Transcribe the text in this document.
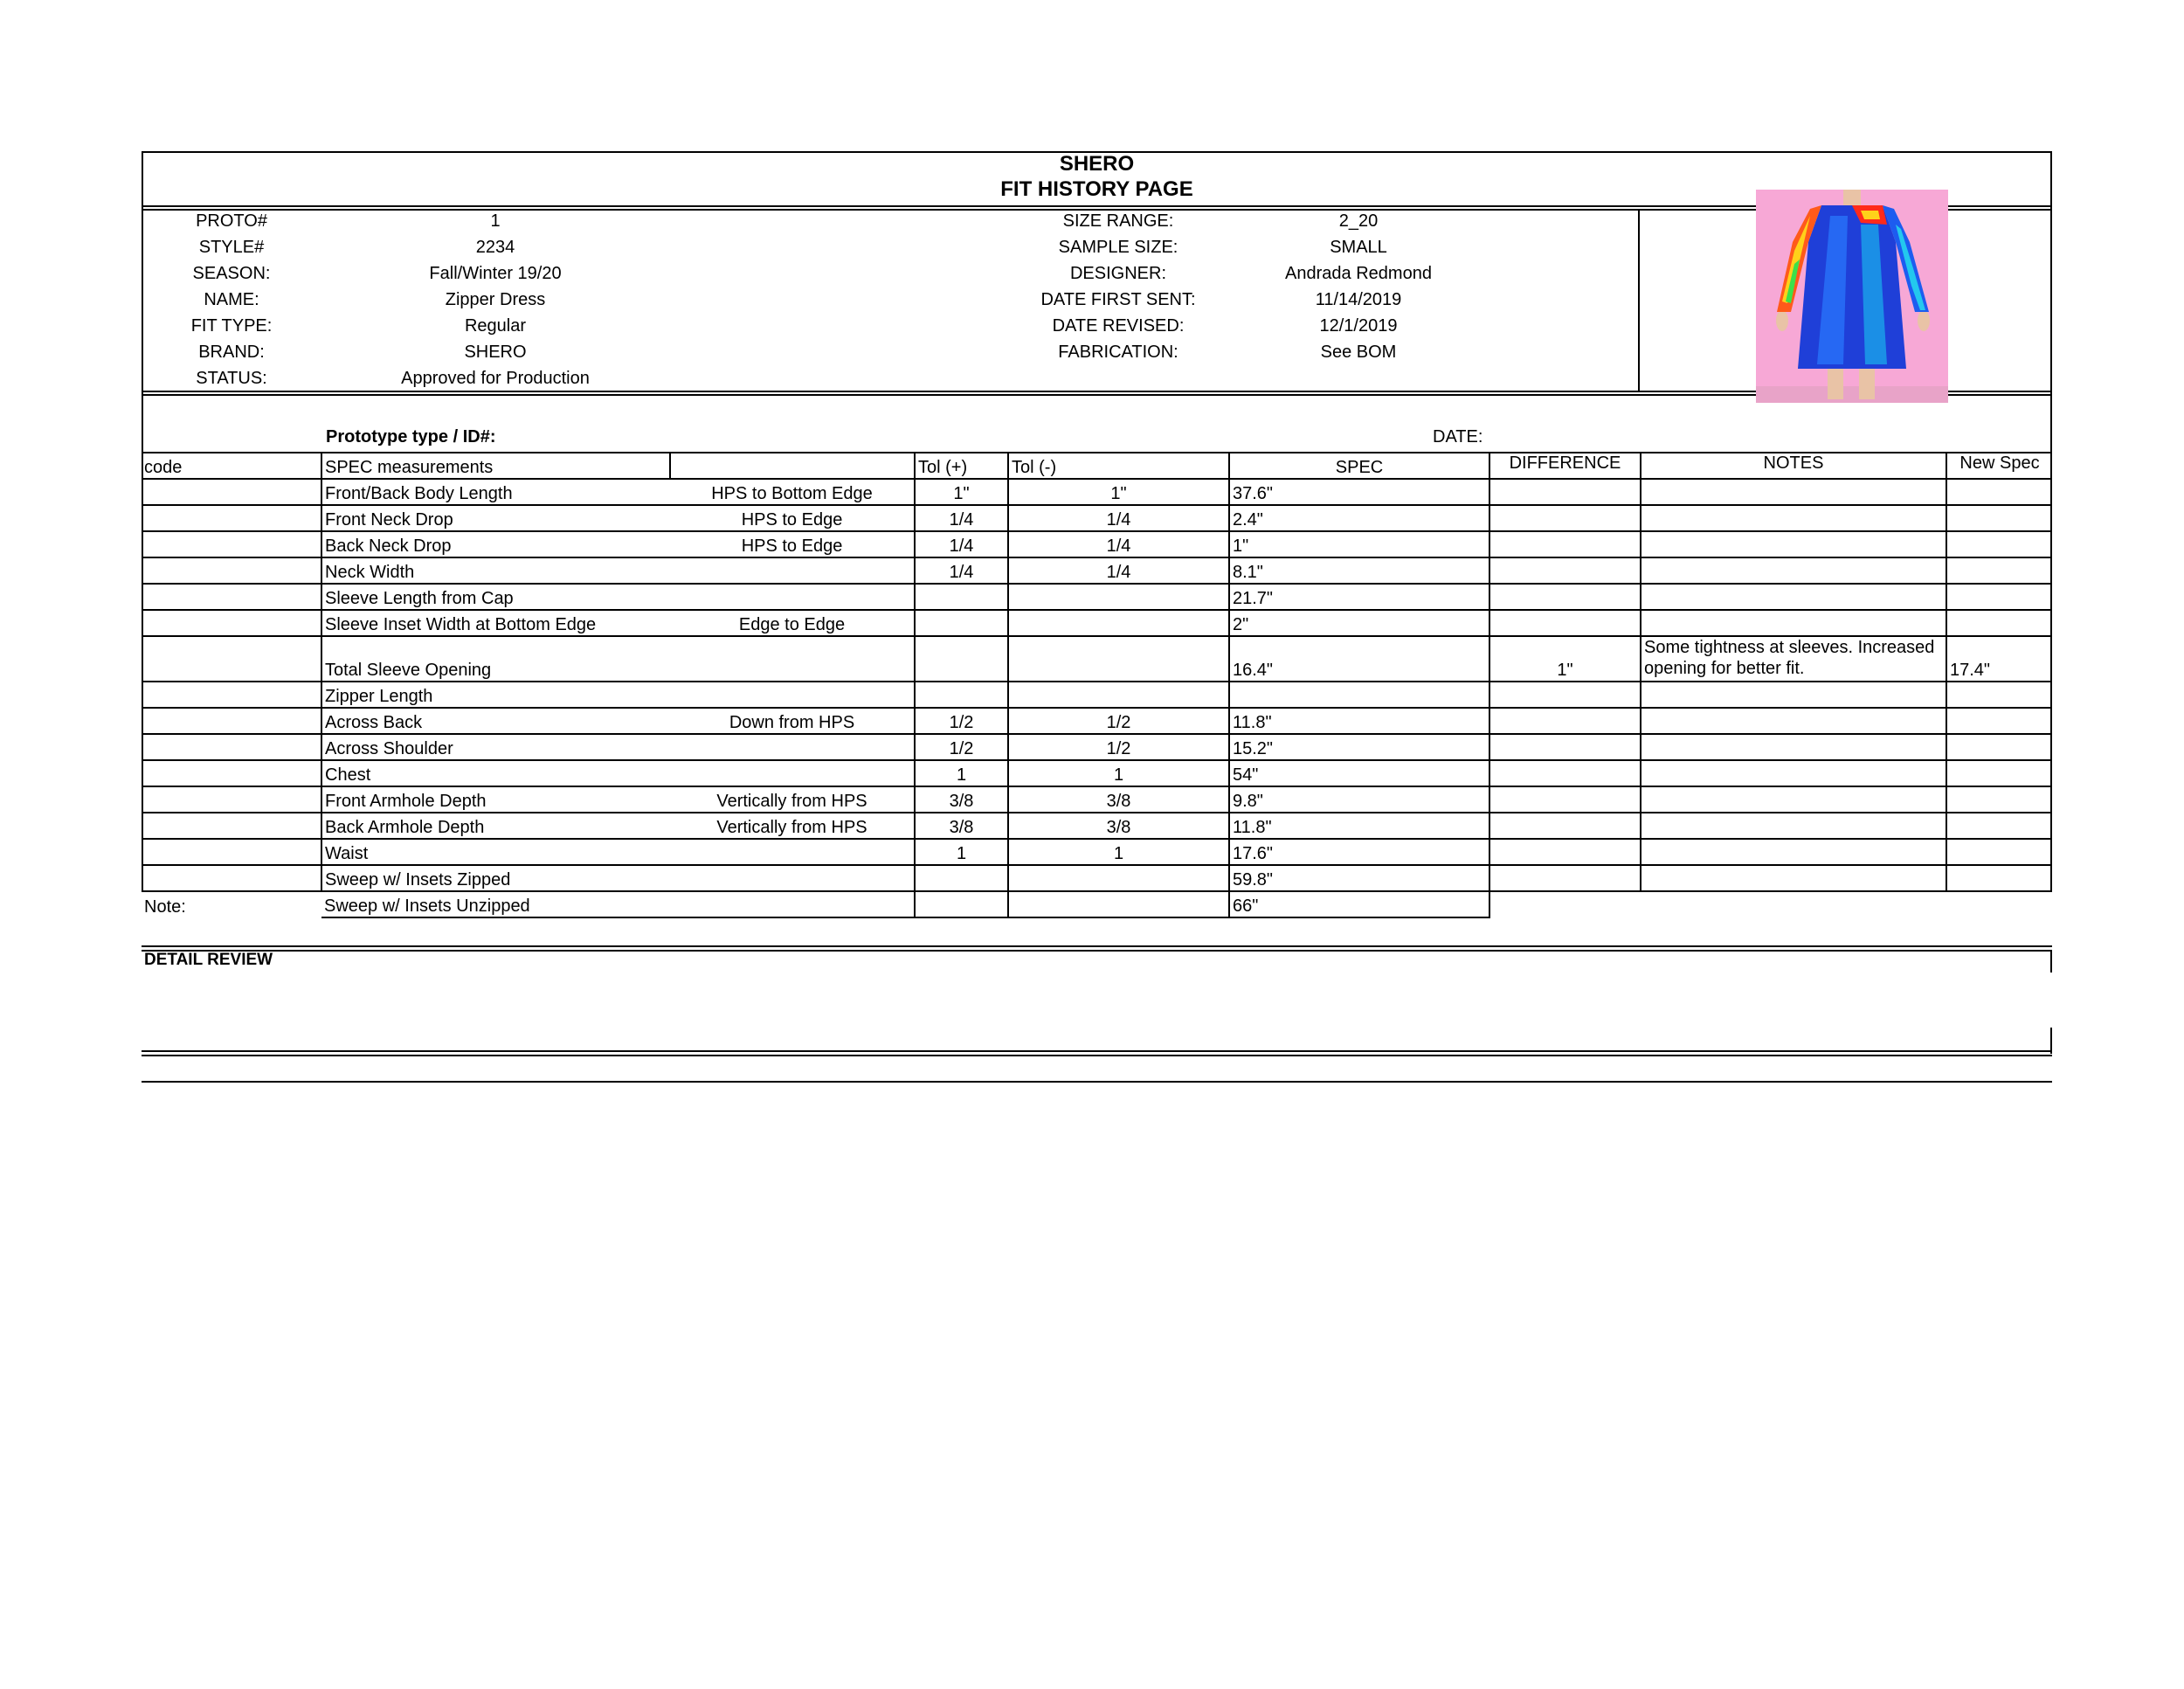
SHERO
FIT HISTORY PAGE
PROTO#	1
STYLE#	2234
SEASON:	Fall/Winter 19/20
NAME:	Zipper Dress
FIT TYPE:	Regular
BRAND:	SHERO
STATUS:	Approved for Production
SIZE RANGE:	2_20
SAMPLE SIZE:	SMALL
DESIGNER:	Andrada Redmond
DATE FIRST SENT:	11/14/2019
DATE REVISED:	12/1/2019
FABRICATION:	See BOM
Prototype type / ID#:	DATE:
code	SPEC measurements		Tol (+)	Tol (-)	SPEC	DIFFERENCE	NOTES	New Spec
	Front/Back Body Length	HPS to Bottom Edge	1"	1"	37.6"			
	Front Neck Drop	HPS to Edge	1/4	1/4	2.4"			
	Back Neck Drop	HPS to Edge	1/4	1/4	1"			
	Neck Width		1/4	1/4	8.1"			
	Sleeve Length from Cap				21.7"			
	Sleeve Inset Width at Bottom Edge	Edge to Edge			2"			
	Total Sleeve Opening				16.4"	1"	Some tightness at sleeves. Increased opening for better fit.	17.4"
	Zipper Length							
	Across Back	Down from HPS	1/2	1/2	11.8"			
	Across Shoulder		1/2	1/2	15.2"			
	Chest		1	1	54"			
	Front Armhole Depth	Vertically from HPS	3/8	3/8	9.8"			
	Back Armhole Depth	Vertically from HPS	3/8	3/8	11.8"			
	Waist		1	1	17.6"			
	Sweep w/ Insets Zipped				59.8"			
Note:	Sweep w/ Insets Unzipped				66"			
DETAIL REVIEW
